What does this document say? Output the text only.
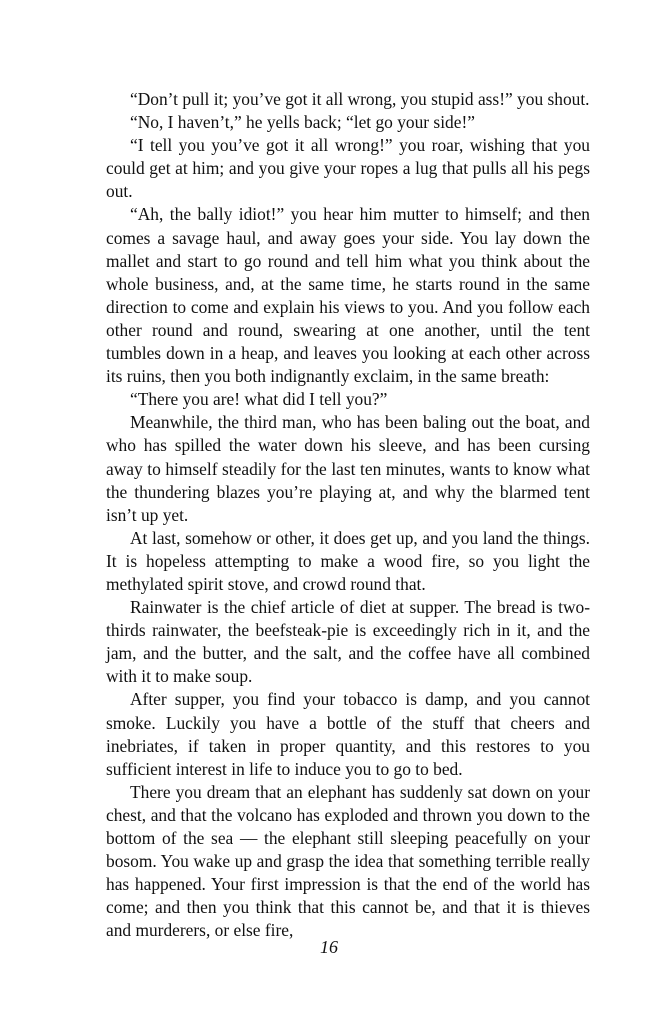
“Don’t pull it; you’ve got it all wrong, you stupid ass!” you shout.

“No, I haven’t,” he yells back; “let go your side!”

“I tell you you’ve got it all wrong!” you roar, wishing that you could get at him; and you give your ropes a lug that pulls all his pegs out.

“Ah, the bally idiot!” you hear him mutter to himself; and then comes a savage haul, and away goes your side. You lay down the mallet and start to go round and tell him what you think about the whole business, and, at the same time, he starts round in the same direction to come and explain his views to you. And you follow each other round and round, swearing at one another, until the tent tumbles down in a heap, and leaves you looking at each other across its ruins, then you both indignantly exclaim, in the same breath:

“There you are! what did I tell you?”

Meanwhile, the third man, who has been baling out the boat, and who has spilled the water down his sleeve, and has been cursing away to himself steadily for the last ten minutes, wants to know what the thundering blazes you’re playing at, and why the blarmed tent isn’t up yet.

At last, somehow or other, it does get up, and you land the things. It is hopeless attempting to make a wood fire, so you light the methylated spirit stove, and crowd round that.

Rainwater is the chief article of diet at supper. The bread is two-thirds rainwater, the beefsteak-pie is exceedingly rich in it, and the jam, and the butter, and the salt, and the coffee have all combined with it to make soup.

After supper, you find your tobacco is damp, and you cannot smoke. Luckily you have a bottle of the stuff that cheers and inebriates, if taken in proper quantity, and this restores to you sufficient interest in life to induce you to go to bed.

There you dream that an elephant has suddenly sat down on your chest, and that the volcano has exploded and thrown you down to the bottom of the sea — the elephant still sleeping peacefully on your bosom. You wake up and grasp the idea that something terrible really has happened. Your first impression is that the end of the world has come; and then you think that this cannot be, and that it is thieves and murderers, or else fire,

16
